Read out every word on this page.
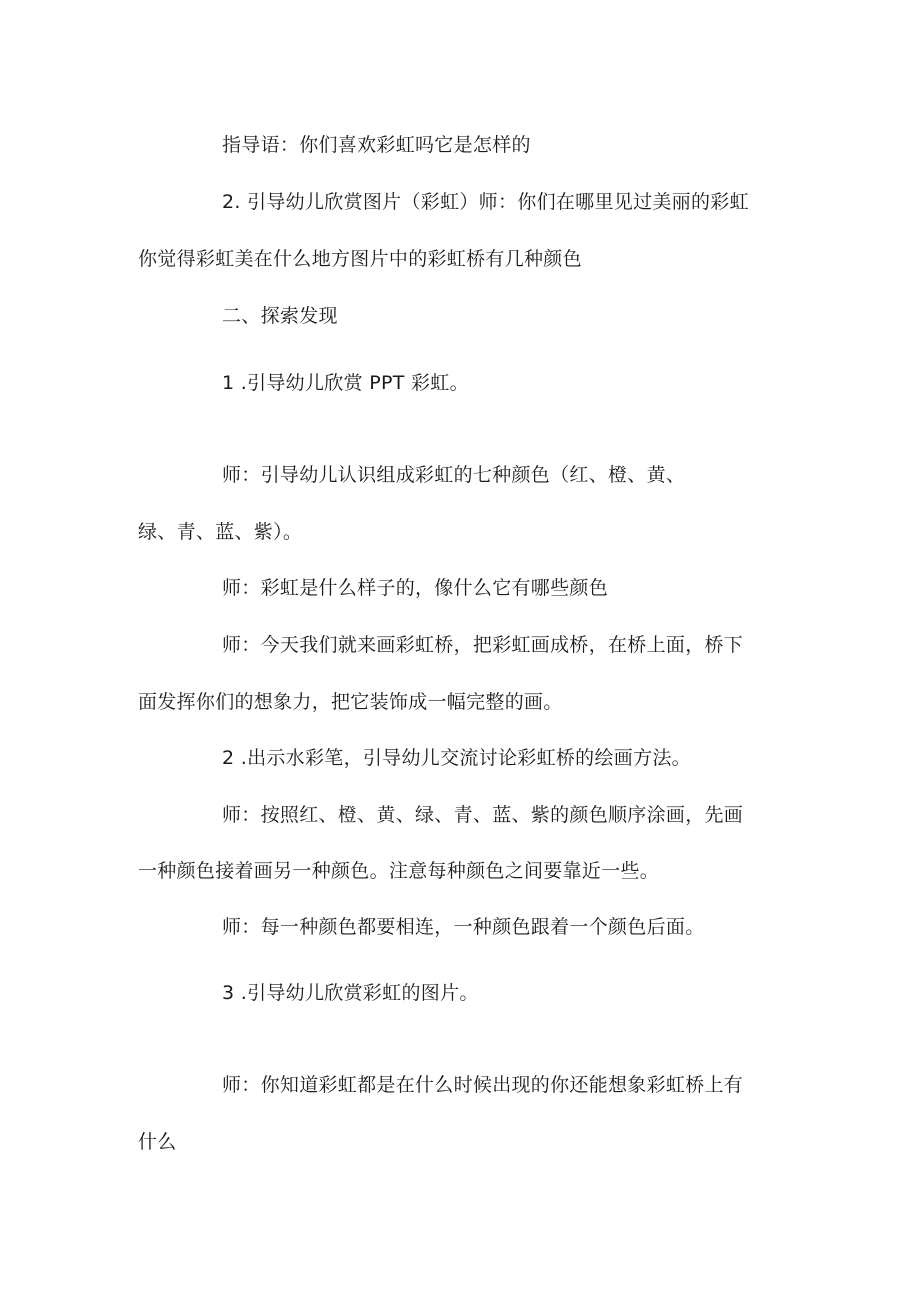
指导语：你们喜欢彩虹吗它是怎样的
2. 引导幼儿欣赏图片（彩虹）师：你们在哪里见过美丽的彩虹
你觉得彩虹美在什么地方图片中的彩虹桥有几种颜色
二、探索发现
1 .引导幼儿欣赏 PPT 彩虹。
师：引导幼儿认识组成彩虹的七种颜色（红、橙、黄、
绿、青、蓝、紫）。
师：彩虹是什么样子的，像什么它有哪些颜色
师：今天我们就来画彩虹桥，把彩虹画成桥，在桥上面，桥下
面发挥你们的想象力，把它装饰成一幅完整的画。
2 .出示水彩笔，引导幼儿交流讨论彩虹桥的绘画方法。
师：按照红、橙、黄、绿、青、蓝、紫的颜色顺序涂画，先画
一种颜色接着画另一种颜色。注意每种颜色之间要靠近一些。
师：每一种颜色都要相连，一种颜色跟着一个颜色后面。
3 .引导幼儿欣赏彩虹的图片。
师：你知道彩虹都是在什么时候出现的你还能想象彩虹桥上有
什么
